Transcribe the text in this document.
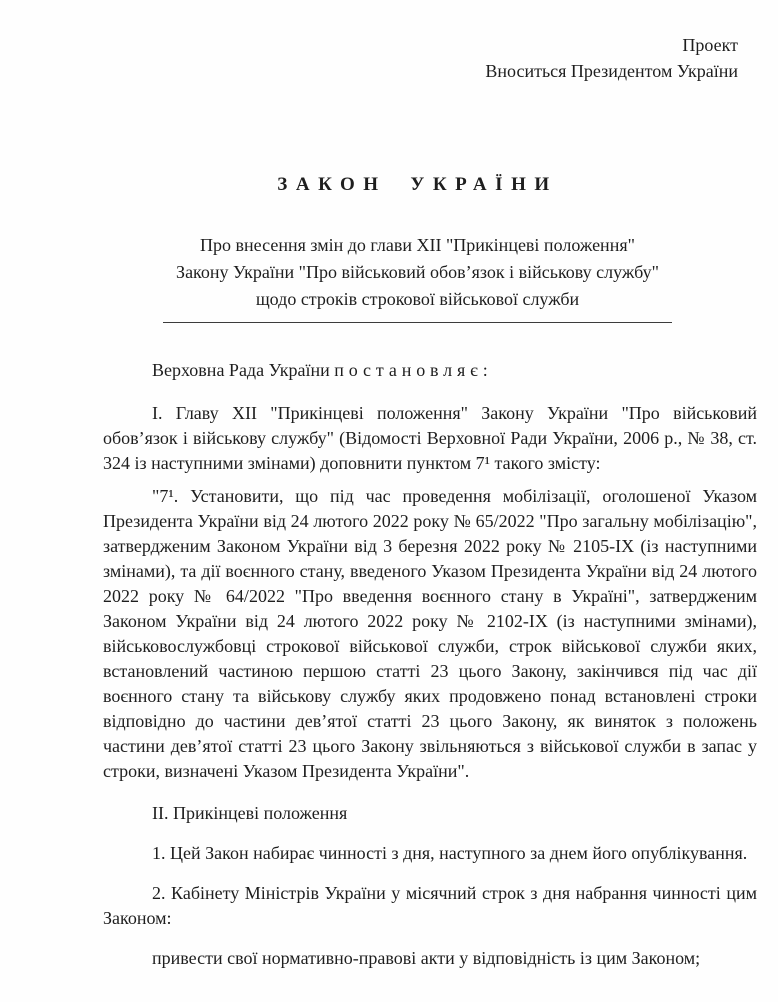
Проект
Вноситься Президентом України
ЗАКОН УКРАЇНИ
Про внесення змін до глави XII "Прикінцеві положення"
Закону України "Про військовий обов’язок і військову службу"
щодо строків строкової військової служби
Верховна Рада України постановляє:

I. Главу XII "Прикінцеві положення" Закону України "Про військовий обов’язок і військову службу" (Відомості Верховної Ради України, 2006 р., № 38, ст. 324 із наступними змінами) доповнити пунктом 7¹ такого змісту:

"7¹. Установити, що під час проведення мобілізації, оголошеної Указом Президента України від 24 лютого 2022 року № 65/2022 "Про загальну мобілізацію", затвердженим Законом України від 3 березня 2022 року № 2105-IX (із наступними змінами), та дії воєнного стану, введеного Указом Президента України від 24 лютого 2022 року № 64/2022 "Про введення воєнного стану в Україні", затвердженим Законом України від 24 лютого 2022 року № 2102-IX (із наступними змінами), військовослужбовці строкової військової служби, строк військової служби яких, встановлений частиною першою статті 23 цього Закону, закінчився під час дії воєнного стану та військову службу яких продовжено понад встановлені строки відповідно до частини дев’ятої статті 23 цього Закону, як виняток з положень частини дев’ятої статті 23 цього Закону звільняються з військової служби в запас у строки, визначені Указом Президента України".

II. Прикінцеві положення

1. Цей Закон набирає чинності з дня, наступного за днем його опублікування.

2. Кабінету Міністрів України у місячний строк з дня набрання чинності цим Законом:

привести свої нормативно-правові акти у відповідність із цим Законом;
